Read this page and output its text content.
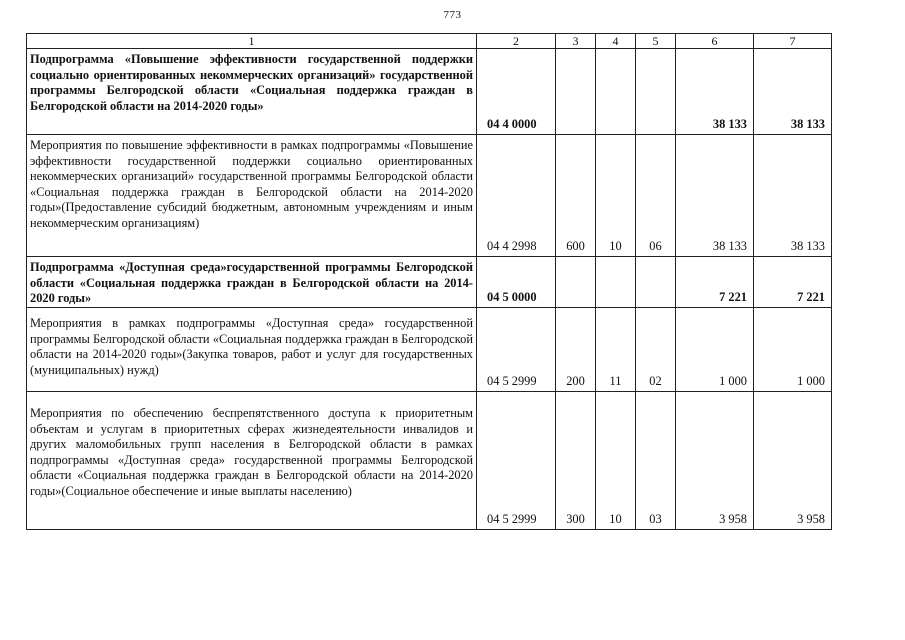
773
1	2	3	4	5	6	7
Подпрограмма «Повышение эффективности государственной поддержки социально ориентированных некоммерческих организаций» государственной программы Белгородской области «Социальная поддержка граждан в Белгородской области на 2014-2020 годы»	04 4 0000				38 133	38 133
Мероприятия по повышение эффективности в рамках подпрограммы «Повышение эффективности государственной поддержки социально ориентированных некоммерческих организаций» государственной программы Белгородской области «Социальная поддержка граждан в Белгородской области на 2014-2020 годы»(Предоставление субсидий бюджетным, автономным учреждениям и иным некоммерческим организациям)	04 4 2998	600	10	06	38 133	38 133
Подпрограмма «Доступная среда»государственной программы Белгородской области «Социальная поддержка граждан в Белгородской области на 2014-2020 годы»	04 5 0000				7 221	7 221
Мероприятия в рамках подпрограммы «Доступная среда» государственной программы Белгородской области «Социальная поддержка граждан в Белгородской области на 2014-2020 годы»(Закупка товаров, работ и услуг для государственных (муниципальных) нужд)	04 5 2999	200	11	02	1 000	1 000
Мероприятия по обеспечению беспрепятственного доступа к приоритетным объектам и услугам в приоритетных сферах жизнедеятельности инвалидов и других маломобильных групп населения в Белгородской области в рамках подпрограммы «Доступная среда» государственной программы Белгородской области «Социальная поддержка граждан в Белгородской области на 2014-2020 годы»(Социальное обеспечение и иные выплаты населению)	04 5 2999	300	10	03	3 958	3 958
